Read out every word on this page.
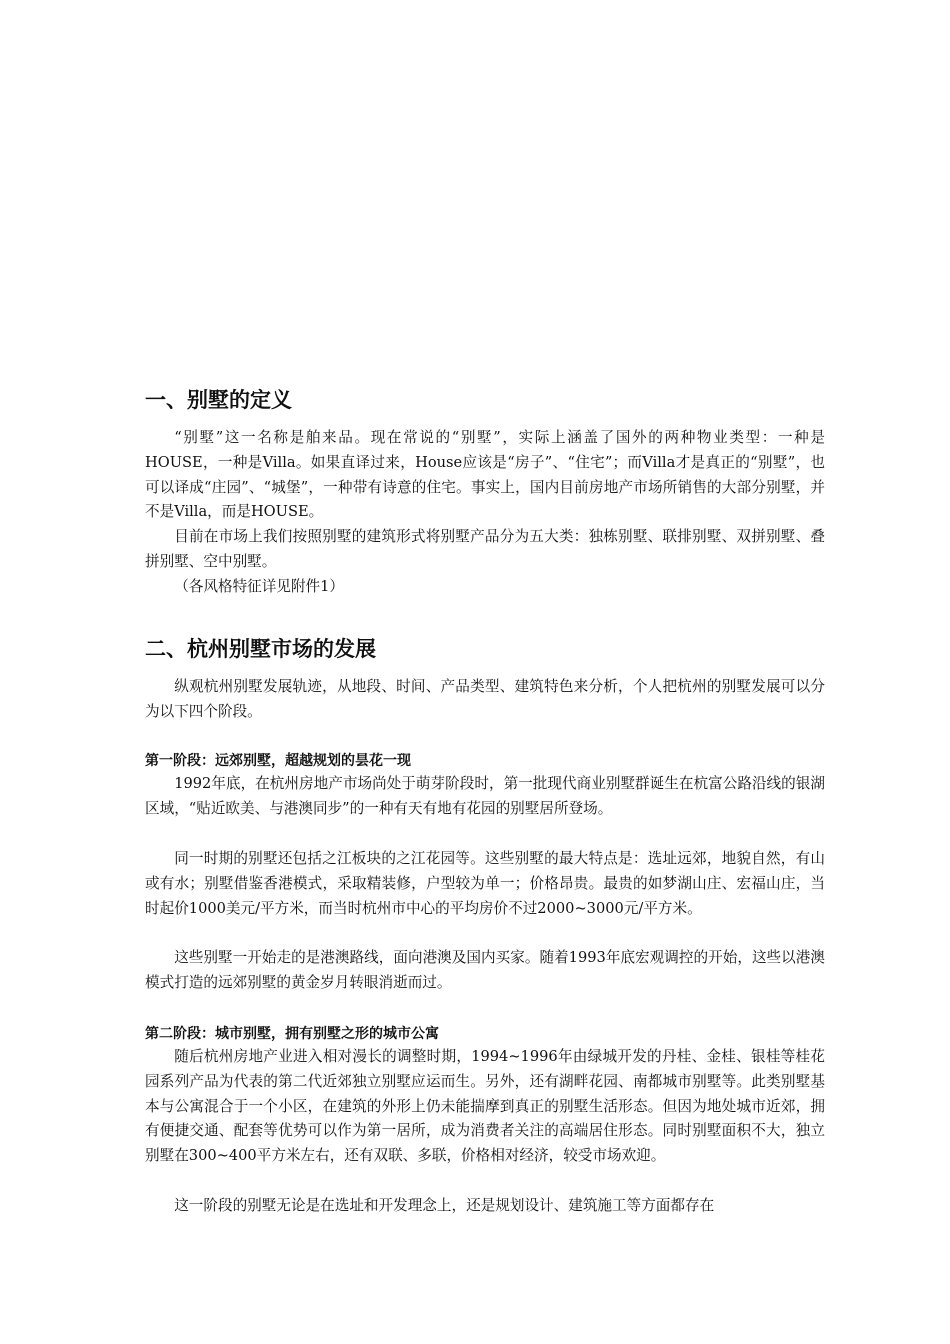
一、别墅的定义

“别墅”这一名称是舶来品。现在常说的“别墅”，实际上涵盖了国外的两种物业类型：一种是HOUSE，一种是Villa。如果直译过来，House应该是“房子”、“住宅”；而Villa才是真正的“别墅”，也可以译成“庄园”、“城堡”，一种带有诗意的住宅。事实上，国内目前房地产市场所销售的大部分别墅，并不是Villa，而是HOUSE。

目前在市场上我们按照别墅的建筑形式将别墅产品分为五大类：独栋别墅、联排别墅、双拼别墅、叠拼别墅、空中别墅。

（各风格特征详见附件1）

二、杭州别墅市场的发展

纵观杭州别墅发展轨迹，从地段、时间、产品类型、建筑特色来分析，个人把杭州的别墅发展可以分为以下四个阶段。

第一阶段：远郊别墅，超越规划的昙花一现

1992年底，在杭州房地产市场尚处于萌芽阶段时，第一批现代商业别墅群诞生在杭富公路沿线的银湖区域，“贴近欧美、与港澳同步”的一种有天有地有花园的别墅居所登场。

同一时期的别墅还包括之江板块的之江花园等。这些别墅的最大特点是：选址远郊，地貌自然，有山或有水；别墅借鉴香港模式，采取精装修，户型较为单一；价格昂贵。最贵的如梦湖山庄、宏福山庄，当时起价1000美元/平方米，而当时杭州市中心的平均房价不过2000~3000元/平方米。

这些别墅一开始走的是港澳路线，面向港澳及国内买家。随着1993年底宏观调控的开始，这些以港澳模式打造的远郊别墅的黄金岁月转眼消逝而过。

第二阶段：城市别墅，拥有别墅之形的城市公寓

随后杭州房地产业进入相对漫长的调整时期，1994~1996年由绿城开发的丹桂、金桂、银桂等桂花园系列产品为代表的第二代近郊独立别墅应运而生。另外，还有湖畔花园、南都城市别墅等。此类别墅基本与公寓混合于一个小区，在建筑的外形上仍未能揣摩到真正的别墅生活形态。但因为地处城市近郊，拥有便捷交通、配套等优势可以作为第一居所，成为消费者关注的高端居住形态。同时别墅面积不大，独立别墅在300~400平方米左右，还有双联、多联，价格相对经济，较受市场欢迎。

这一阶段的别墅无论是在选址和开发理念上，还是规划设计、建筑施工等方面都存在
